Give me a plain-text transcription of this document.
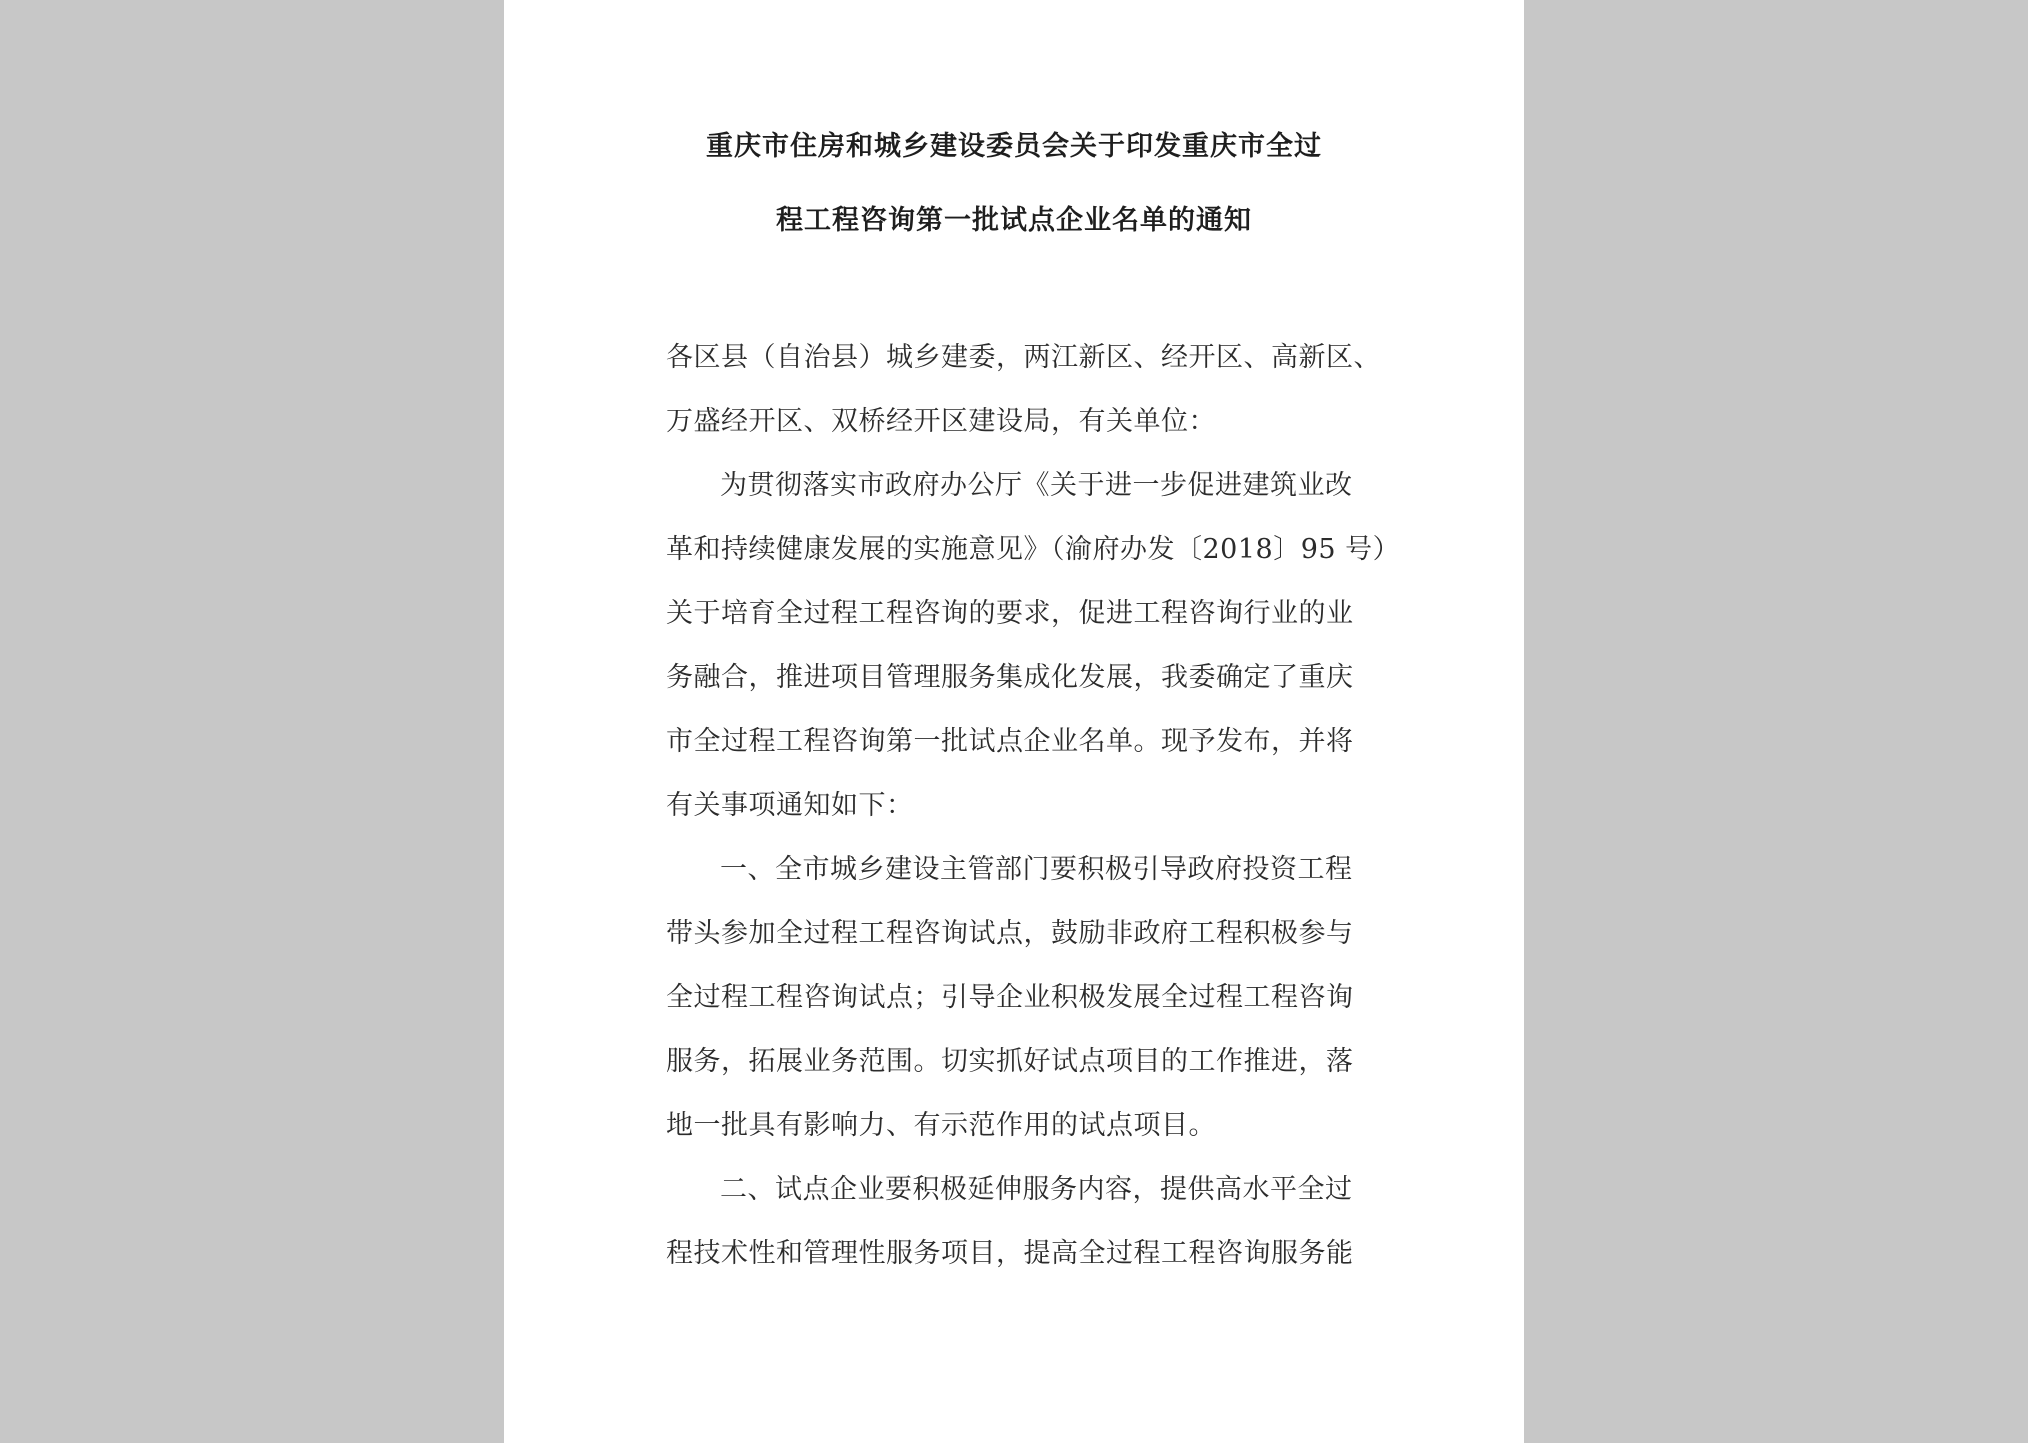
重庆市住房和城乡建设委员会关于印发重庆市全过
程工程咨询第一批试点企业名单的通知
各区县（自治县）城乡建委，两江新区、经开区、高新区、
万盛经开区、双桥经开区建设局，有关单位：
为贯彻落实市政府办公厅《关于进一步促进建筑业改
革和持续健康发展的实施意见》（渝府办发〔2018〕95 号）
关于培育全过程工程咨询的要求，促进工程咨询行业的业
务融合，推进项目管理服务集成化发展，我委确定了重庆
市全过程工程咨询第一批试点企业名单。现予发布，并将
有关事项通知如下：
一、全市城乡建设主管部门要积极引导政府投资工程
带头参加全过程工程咨询试点，鼓励非政府工程积极参与
全过程工程咨询试点；引导企业积极发展全过程工程咨询
服务，拓展业务范围。切实抓好试点项目的工作推进，落
地一批具有影响力、有示范作用的试点项目。
二、试点企业要积极延伸服务内容，提供高水平全过
程技术性和管理性服务项目，提高全过程工程咨询服务能
